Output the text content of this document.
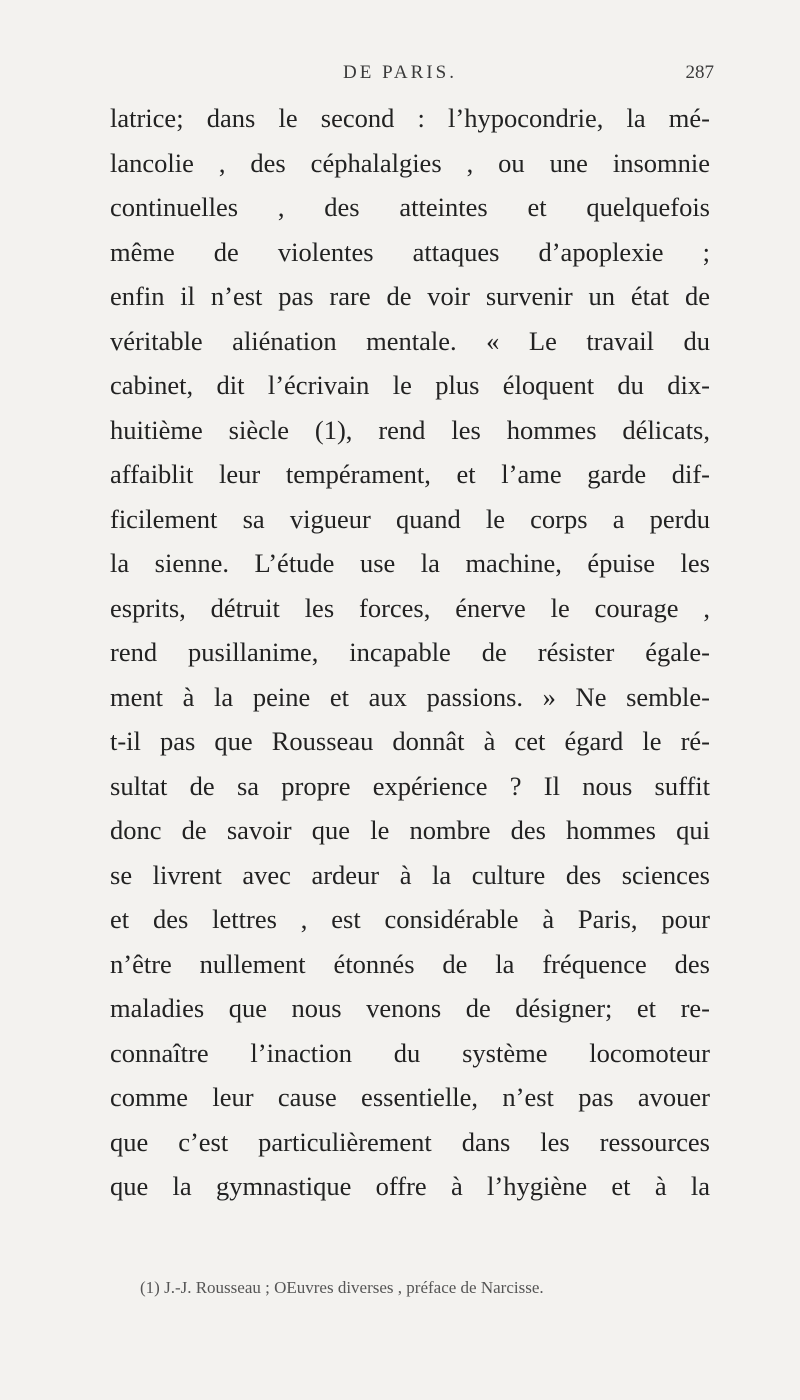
DE PARIS.	287
latrice; dans le second : l’hypocondrie, la mé-
lancolie , des céphalalgies , ou une insomnie
continuelles , des atteintes et quelquefois
même de violentes attaques d’apoplexie ;
enfin il n’est pas rare de voir survenir un état de
véritable aliénation mentale. « Le travail du
cabinet, dit l’écrivain le plus éloquent du dix-
huitième siècle (1), rend les hommes délicats,
affaiblit leur tempérament, et l’ame garde dif-
ficilement sa vigueur quand le corps a perdu
la sienne. L’étude use la machine, épuise les
esprits, détruit les forces, énerve le courage ,
rend pusillanime, incapable de résister égale-
ment à la peine et aux passions. » Ne semble-
t-il pas que Rousseau donnât à cet égard le ré-
sultat de sa propre expérience ? Il nous suffit
donc de savoir que le nombre des hommes qui
se livrent avec ardeur à la culture des sciences
et des lettres , est considérable à Paris, pour
n’être nullement étonnés de la fréquence des
maladies que nous venons de désigner; et re-
connaître l’inaction du système locomoteur
comme leur cause essentielle, n’est pas avouer
que c’est particulièrement dans les ressources
que la gymnastique offre à l’hygiène et à la
(1) J.-J. Rousseau ; OEuvres diverses , préface de Narcisse.
